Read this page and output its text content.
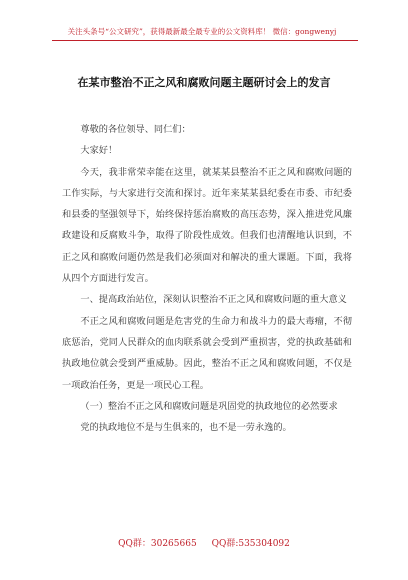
关注头条号“公文研究”，获得最新最全最专业的公文资料库！ 微信：gongwenyj
在某市整治不正之风和腐败问题主题研讨会上的发言

尊敬的各位领导、同仁们：

大家好！

今天，我非常荣幸能在这里，就某某县整治不正之风和腐败问题的工作实际，与大家进行交流和探讨。近年来某某县纪委在市委、市纪委和县委的坚强领导下，始终保持惩治腐败的高压态势，深入推进党风廉政建设和反腐败斗争，取得了阶段性成效。但我们也清醒地认识到，不正之风和腐败问题仍然是我们必须面对和解决的重大课题。下面，我将从四个方面进行发言。

一、提高政治站位，深刻认识整治不正之风和腐败问题的重大意义

不正之风和腐败问题是危害党的生命力和战斗力的最大毒瘤，不彻底惩治，党同人民群众的血肉联系就会受到严重损害，党的执政基础和执政地位就会受到严重威胁。因此，整治不正之风和腐败问题，不仅是一项政治任务，更是一项民心工程。

（一）整治不正之风和腐败问题是巩固党的执政地位的必然要求

党的执政地位不是与生俱来的，也不是一劳永逸的。

QQ群：30265665 QQ群:535304092
